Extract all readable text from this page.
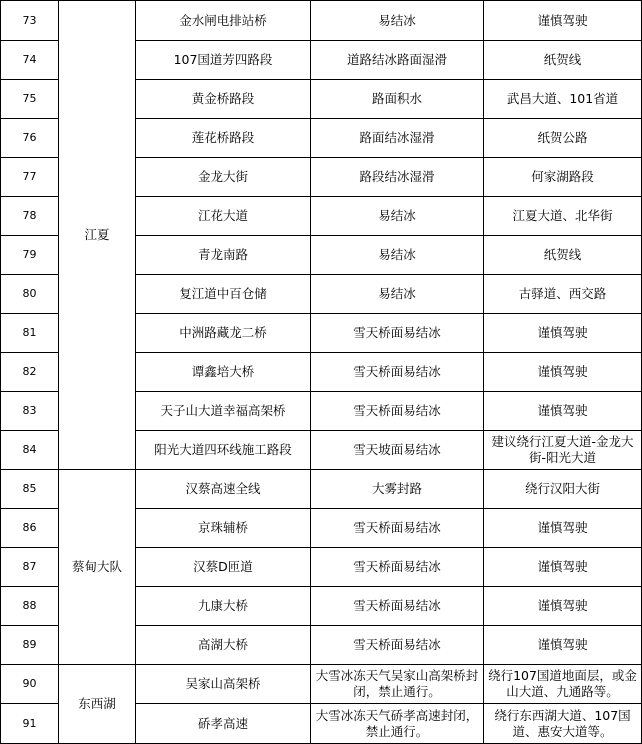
73	江夏	金水闸电排站桥	易结冰	谨慎驾驶
74		107国道芳四路段	道路结冰路面湿滑	纸贺线
75		黄金桥路段	路面积水	武昌大道、101省道
76		莲花桥路段	路面结冰湿滑	纸贺公路
77		金龙大街	路段结冰湿滑	何家湖路段
78		江花大道	易结冰	江夏大道、北华街
79		青龙南路	易结冰	纸贺线
80		复江道中百仓储	易结冰	古驿道、西交路
81		中洲路藏龙二桥	雪天桥面易结冰	谨慎驾驶
82		谭鑫培大桥	雪天桥面易结冰	谨慎驾驶
83		天子山大道幸福高架桥	雪天桥面易结冰	谨慎驾驶
84		阳光大道四环线施工路段	雪天坡面易结冰	建议绕行江夏大道-金龙大街-阳光大道
85	蔡甸大队	汉蔡高速全线	大雾封路	绕行汉阳大街
86		京珠辅桥	雪天桥面易结冰	谨慎驾驶
87		汉蔡D匝道	雪天桥面易结冰	谨慎驾驶
88		九康大桥	雪天桥面易结冰	谨慎驾驶
89		高湖大桥	雪天桥面易结冰	谨慎驾驶
90	东西湖	吴家山高架桥	大雪冰冻天气吴家山高架桥封闭，禁止通行。	绕行107国道地面层，或金山大道、九通路等。
91		硚孝高速	大雪冰冻天气硚孝高速封闭，禁止通行。	绕行东西湖大道、107国道、惠安大道等。
